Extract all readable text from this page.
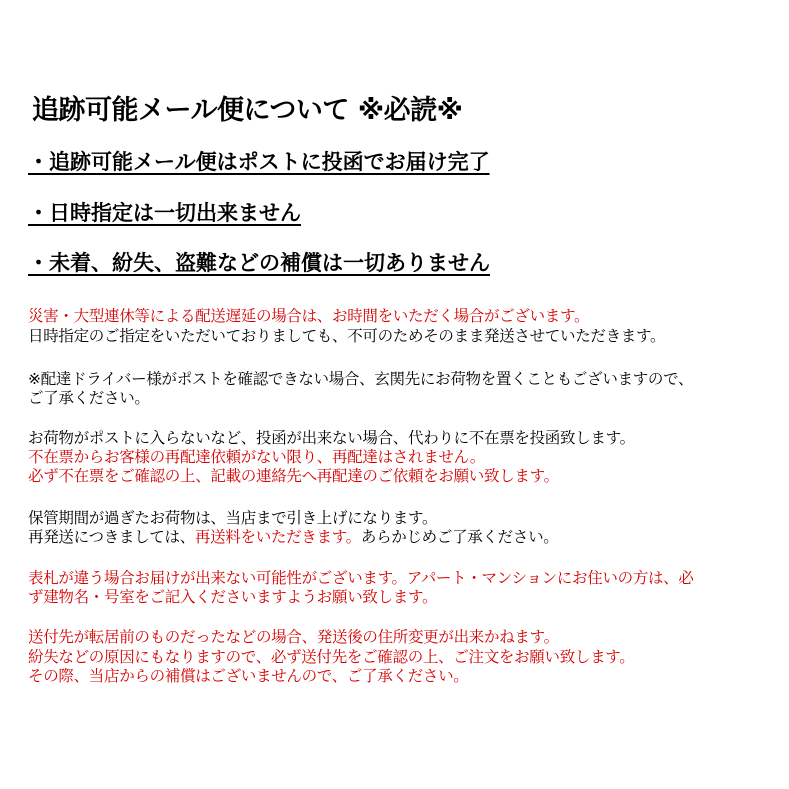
追跡可能メール便について ※必読※
・追跡可能メール便はポストに投函でお届け完了
・日時指定は一切出来ません
・未着、紛失、盗難などの補償は一切ありません
災害・大型連休等による配送遅延の場合は、お時間をいただく場合がございます。
日時指定のご指定をいただいておりましても、不可のためそのまま発送させていただきます。
※配達ドライバー様がポストを確認できない場合、玄関先にお荷物を置くこともございますので、
ご了承ください。
お荷物がポストに入らないなど、投函が出来ない場合、代わりに不在票を投函致します。
不在票からお客様の再配達依頼がない限り、再配達はされません。
必ず不在票をご確認の上、記載の連絡先へ再配達のご依頼をお願い致します。
保管期間が過ぎたお荷物は、当店まで引き上げになります。
再発送につきましては、再送料をいただきます。あらかじめご了承ください。
表札が違う場合お届けが出来ない可能性がございます。アパート・マンションにお住いの方は、必
ず建物名・号室をご記入くださいますようお願い致します。
送付先が転居前のものだったなどの場合、発送後の住所変更が出来かねます。
紛失などの原因にもなりますので、必ず送付先をご確認の上、ご注文をお願い致します。
その際、当店からの補償はございませんので、ご了承ください。
